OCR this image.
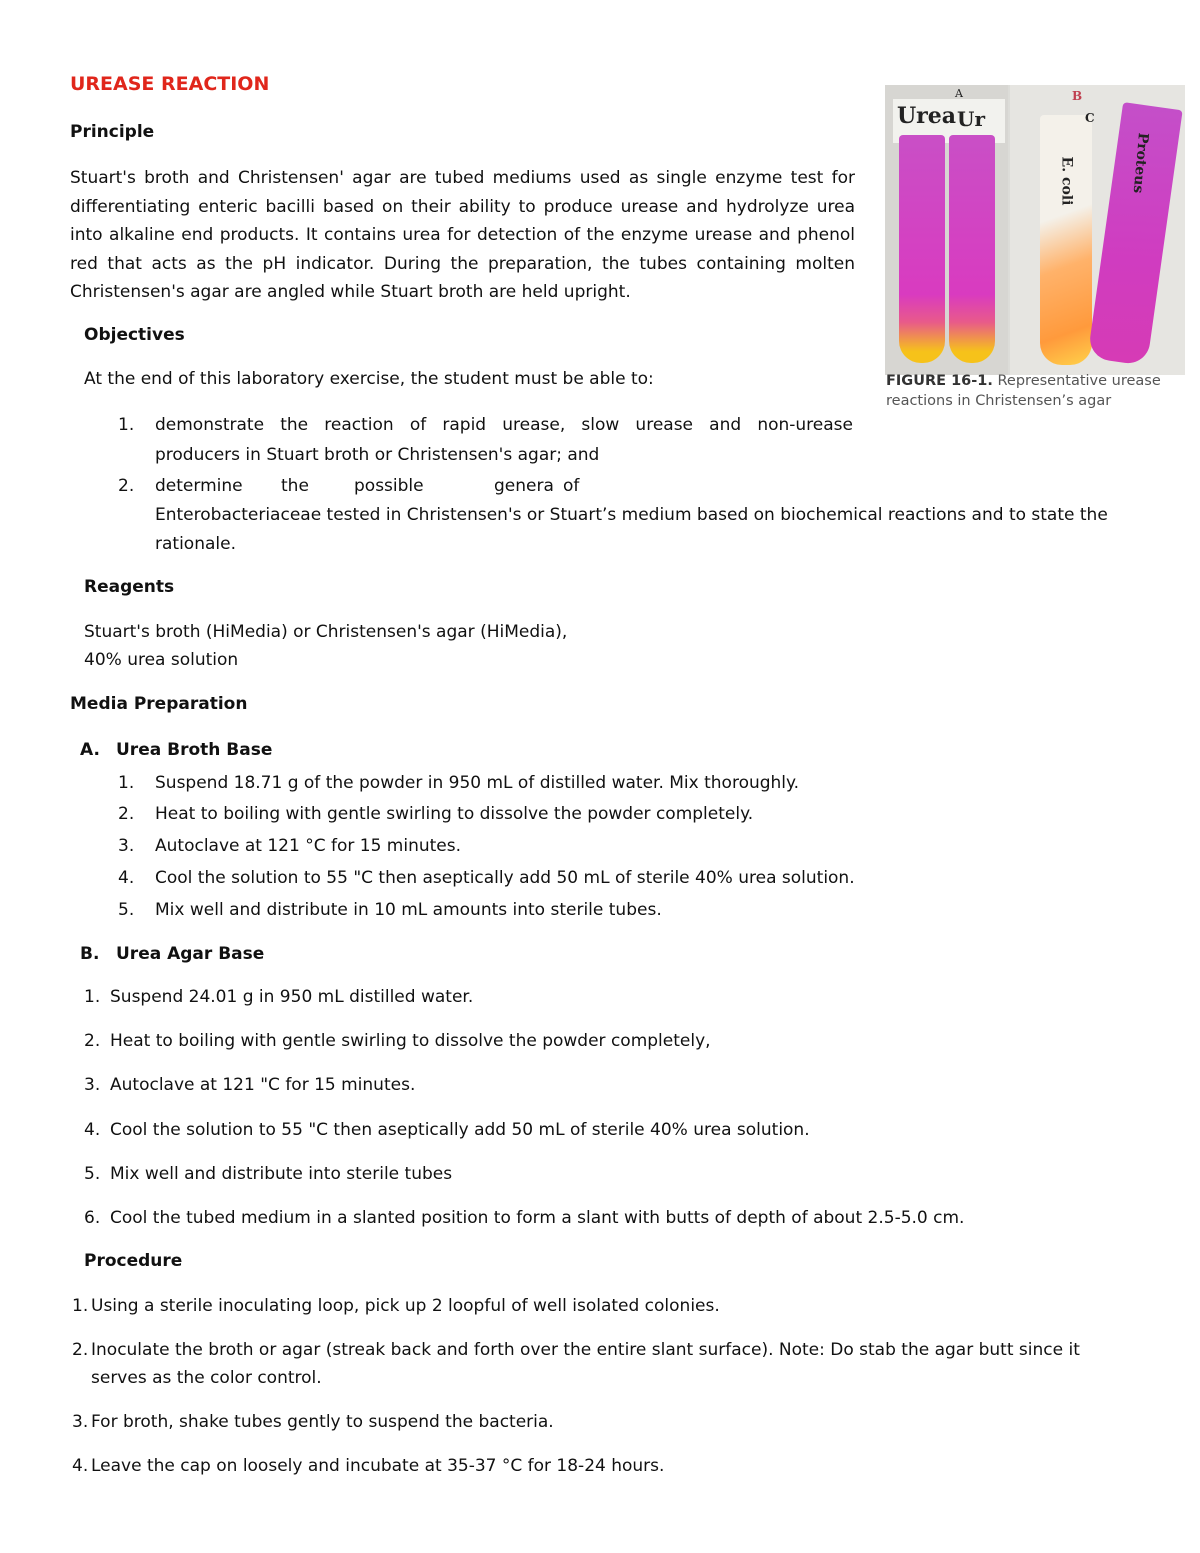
UREASE REACTION
Principle
Stuart's broth and Christensen' agar are tubed mediums used as single enzyme test for differentiating enteric bacilli based on their ability to produce urease and hydrolyze urea into alkaline end products. It contains urea for detection of the enzyme urease and phenol red that acts as the pH indicator. During the preparation, the tubes containing molten Christensen's agar are angled while Stuart broth are held upright.
Urea Ur
A	B
C
E. coli	Proteus
FIGURE 16-1. Representative urease reactions in Christensen’s agar
Objectives
At the end of this laboratory exercise, the student must be able to:
1. demonstrate the reaction of rapid urease, slow urease and non-urease
producers in Stuart broth or Christensen's agar; and
2. determine the	possible	genera of
Enterobacteriaceae tested in Christensen's or Stuart’s medium based on biochemical reactions and to state the
rationale.
Reagents
Stuart's broth (HiMedia) or Christensen's agar (HiMedia),
40% urea solution
Media Preparation
A. Urea Broth Base
1. Suspend 18.71 g of the powder in 950 mL of distilled water. Mix thoroughly.
2. Heat to boiling with gentle swirling to dissolve the powder completely.
3. Autoclave at 121 °C for 15 minutes.
4. Cool the solution to 55 "C then aseptically add 50 mL of sterile 40% urea solution.
5. Mix well and distribute in 10 mL amounts into sterile tubes.
B. Urea Agar Base
1. Suspend 24.01 g in 950 mL distilled water.
2. Heat to boiling with gentle swirling to dissolve the powder completely,
3. Autoclave at 121 "C for 15 minutes.
4. Cool the solution to 55 "C then aseptically add 50 mL of sterile 40% urea solution.
5. Mix well and distribute into sterile tubes
6. Cool the tubed medium in a slanted position to form a slant with butts of depth of about 2.5-5.0 cm.
Procedure
1. Using a sterile inoculating loop, pick up 2 loopful of well isolated colonies.
2. Inoculate the broth or agar (streak back and forth over the entire slant surface). Note: Do stab the agar butt since it
serves as the color control.
3. For broth, shake tubes gently to suspend the bacteria.
4. Leave the cap on loosely and incubate at 35-37 °C for 18-24 hours.
